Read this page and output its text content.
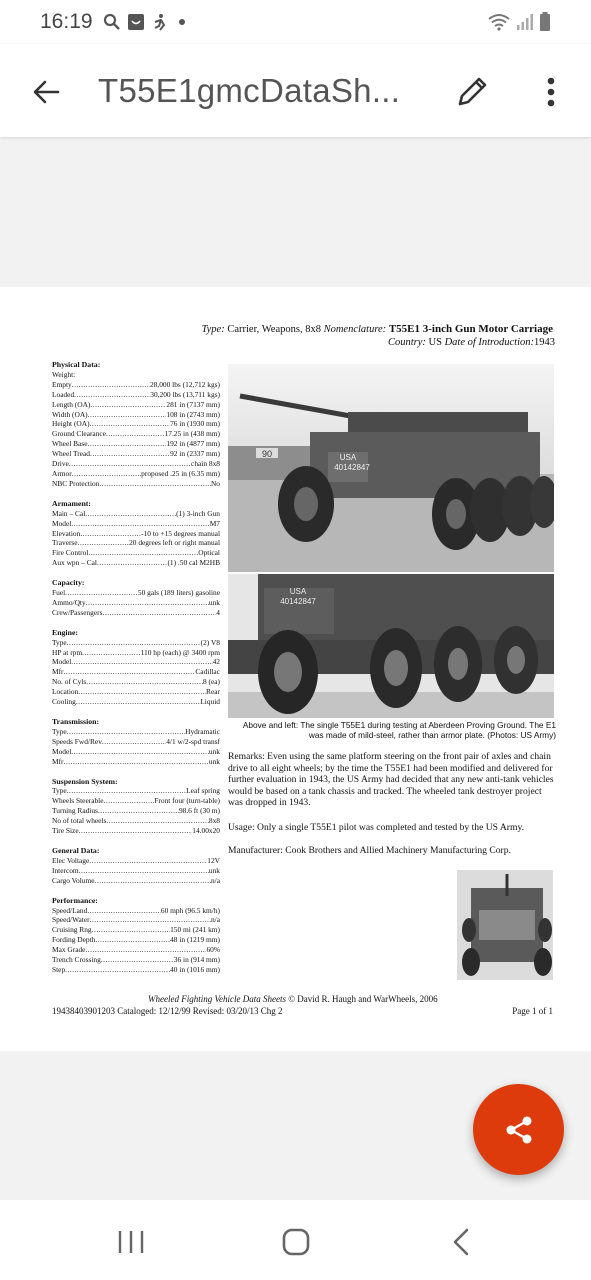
16:19
T55E1gmcDataSh...
Type: Carrier, Weapons, 8x8 Nomenclature: T55E1 3-inch Gun Motor Carriage
Country: US Date of Introduction:1943
Physical Data:
Weight:
Empty .....	28,000 lbs (12,712 kgs)
Loaded .....	30,200 lbs (13,711 kgs)
Length (OA) .....	281 in (7137 mm)
Width (OA) .....	108 in (2743 mm)
Height (OA) .....	76 in (1930 mm)
Ground Clearance .....	17.25 in (438 mm)
Wheel Base .....	192 in (4877 mm)
Wheel Tread .....	92 in (2337 mm)
Drive .....	chain 8x8
Armor .....	proposed .25 in (6.35 mm)
NBC Protection .....	No
Armament:
Main – Cal .....	(1) 3-inch Gun
Model .....	M7
Elevation .....	-10 to +15 degrees manual
Traverse .....	20 degrees left or right manual
Fire Control .....	Optical
Aux wpn – Cal .....	(1) .50 cal M2HB
Capacity:
Fuel .....	50 gals (189 liters) gasoline
Ammo/Qty .....	unk
Crew/Passengers .....	4
Engine:
Type .....	(2) V8
HP at rpm .....	110 hp (each) @ 3400 rpm
Model .....	42
Mfr .....	Cadillac
No. of Cyls .....	8 (ea)
Location .....	Rear
Cooling .....	Liquid
Transmission:
Type .....	Hydramatic
Speeds Fwd/Rev .....	4/1 w/2-spd transf
Model .....	unk
Mfr .....	unk
Suspension System:
Type .....	Leaf spring
Wheels Steerable .....	Front four (turn-table)
Turning Radius .....	98.6 ft (30 m)
No of total wheels .....	8x8
Tire Size .....	14.00x20
General Data:
Elec Voltage .....	12V
Intercom .....	unk
Cargo Volume .....	n/a
Performance:
Speed/Land .....	60 mph (96.5 km/h)
Speed/Water .....	n/a
Cruising Rng .....	150 mi (241 km)
Fording Depth .....	48 in (1219 mm)
Max Grade .....	60%
Trench Crossing .....	36 in (914 mm)
Step .....	40 in (1016 mm)
90	USA
40142847
USA
40142847
Above and left: The single T55E1 during testing at Aberdeen Proving Ground. The E1 was made of mild-steel, rather than armor plate. (Photos: US Army)
Remarks: Even using the same platform steering on the front pair of axles and chain drive to all eight wheels; by the time the T55E1 had been modified and delivered for further evaluation in 1943, the US Army had decided that any new anti-tank vehicles would be based on a tank chassis and tracked. The wheeled tank destroyer project was dropped in 1943.
Usage: Only a single T55E1 pilot was completed and tested by the US Army.
Manufacturer: Cook Brothers and Allied Machinery Manufacturing Corp.
Wheeled Fighting Vehicle Data Sheets © David R. Haugh and WarWheels, 2006
19438403901203 Cataloged: 12/12/99 Revised: 03/20/13 Chg 2	Page 1 of 1
